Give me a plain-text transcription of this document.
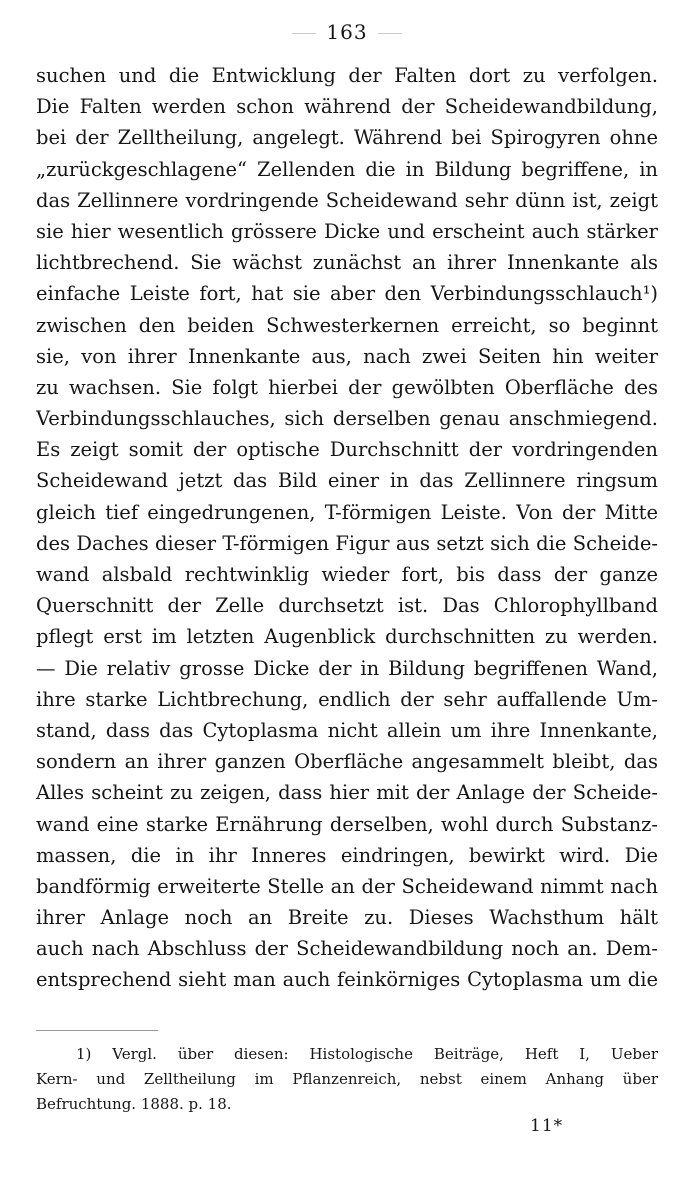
163
suchen und die Entwicklung der Falten dort zu verfolgen.
Die Falten werden schon während der Scheidewandbildung,
bei der Zelltheilung, angelegt. Während bei Spirogyren ohne
„zurückgeschlagene“ Zellenden die in Bildung begriffene, in
das Zellinnere vordringende Scheidewand sehr dünn ist, zeigt
sie hier wesentlich grössere Dicke und erscheint auch stärker
lichtbrechend. Sie wächst zunächst an ihrer Innenkante als
einfache Leiste fort, hat sie aber den Verbindungsschlauch¹)
zwischen den beiden Schwesterkernen erreicht, so beginnt
sie, von ihrer Innenkante aus, nach zwei Seiten hin weiter
zu wachsen. Sie folgt hierbei der gewölbten Oberfläche des
Verbindungsschlauches, sich derselben genau anschmiegend.
Es zeigt somit der optische Durchschnitt der vordringenden
Scheidewand jetzt das Bild einer in das Zellinnere ringsum
gleich tief eingedrungenen, T-förmigen Leiste. Von der Mitte
des Daches dieser T-förmigen Figur aus setzt sich die Scheide-
wand alsbald rechtwinklig wieder fort, bis dass der ganze
Querschnitt der Zelle durchsetzt ist. Das Chlorophyllband
pflegt erst im letzten Augenblick durchschnitten zu werden.
— Die relativ grosse Dicke der in Bildung begriffenen Wand,
ihre starke Lichtbrechung, endlich der sehr auffallende Um-
stand, dass das Cytoplasma nicht allein um ihre Innenkante,
sondern an ihrer ganzen Oberfläche angesammelt bleibt, das
Alles scheint zu zeigen, dass hier mit der Anlage der Scheide-
wand eine starke Ernährung derselben, wohl durch Substanz-
massen, die in ihr Inneres eindringen, bewirkt wird. Die
bandförmig erweiterte Stelle an der Scheidewand nimmt nach
ihrer Anlage noch an Breite zu. Dieses Wachsthum hält
auch nach Abschluss der Scheidewandbildung noch an. Dem-
entsprechend sieht man auch feinkörniges Cytoplasma um die
1) Vergl. über diesen: Histologische Beiträge, Heft I, Ueber
Kern- und Zelltheilung im Pflanzenreich, nebst einem Anhang über
Befruchtung. 1888. p. 18.
11*
